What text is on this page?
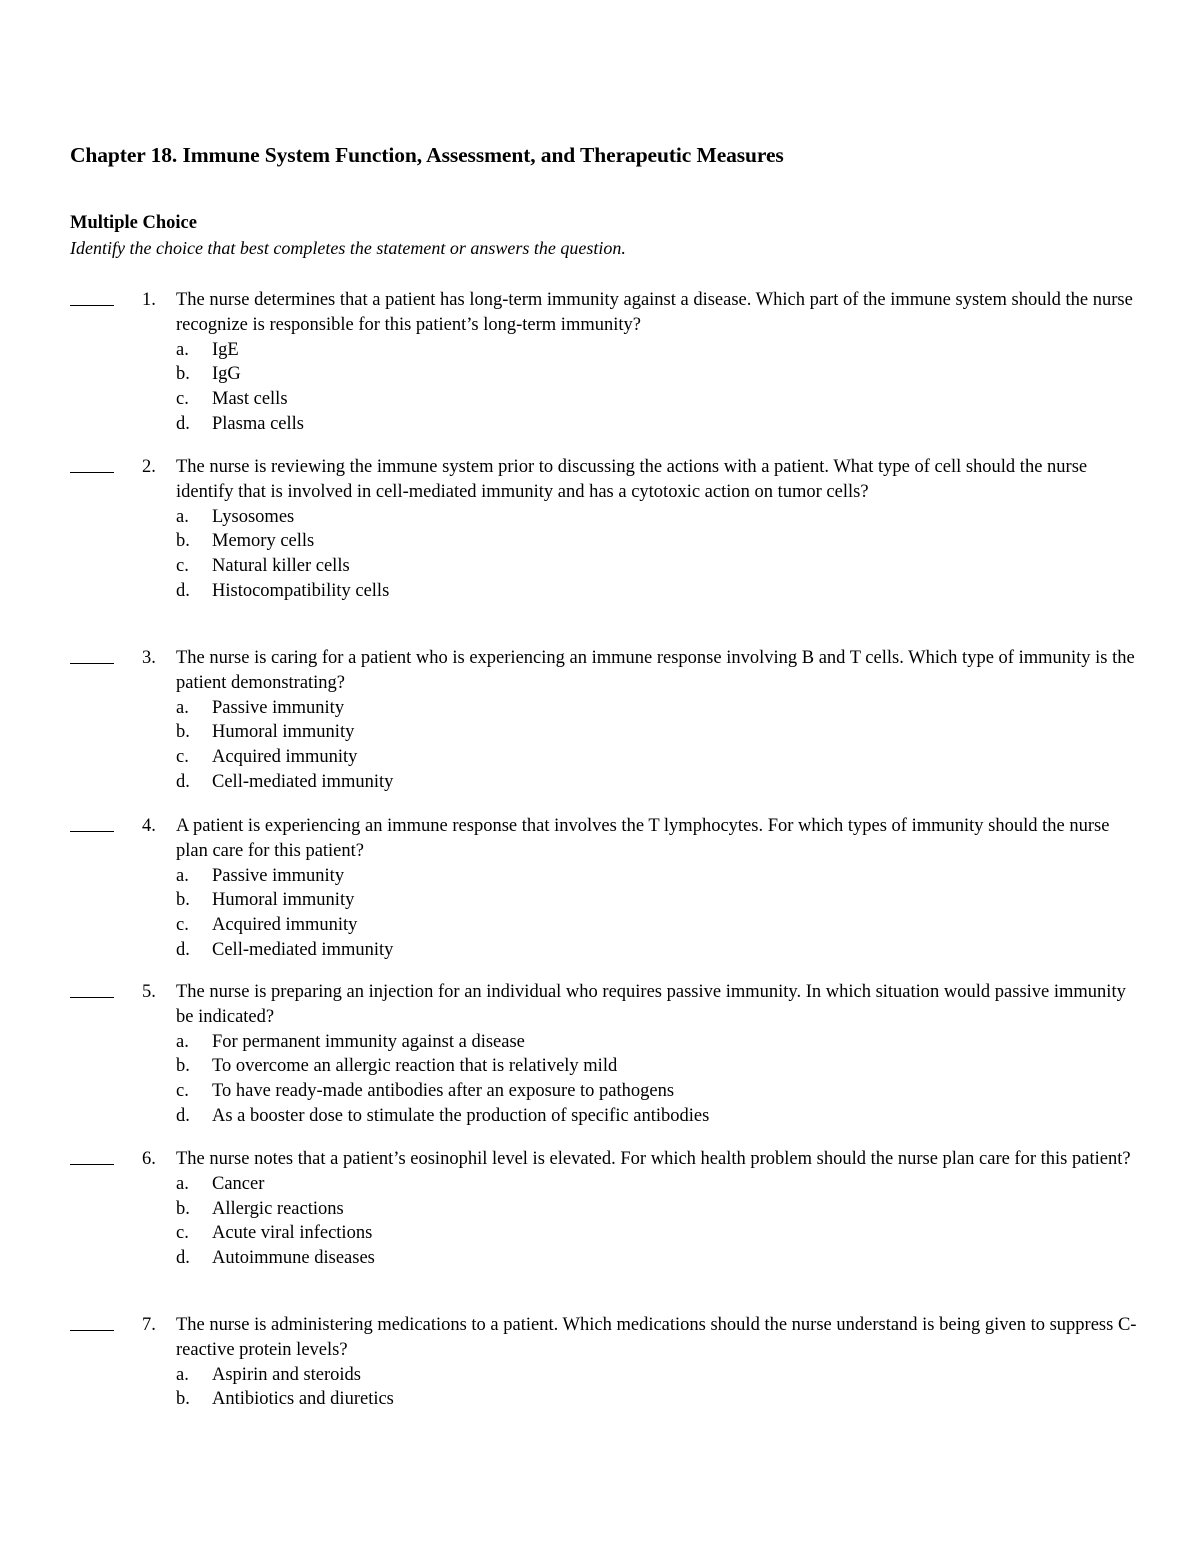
Chapter 18. Immune System Function, Assessment, and Therapeutic Measures
Multiple Choice
Identify the choice that best completes the statement or answers the question.
1. The nurse determines that a patient has long-term immunity against a disease. Which part of the immune system should the nurse recognize is responsible for this patient’s long-term immunity?
a. IgE
b. IgG
c. Mast cells
d. Plasma cells
2. The nurse is reviewing the immune system prior to discussing the actions with a patient. What type of cell should the nurse identify that is involved in cell-mediated immunity and has a cytotoxic action on tumor cells?
a. Lysosomes
b. Memory cells
c. Natural killer cells
d. Histocompatibility cells
3. The nurse is caring for a patient who is experiencing an immune response involving B and T cells. Which type of immunity is the patient demonstrating?
a. Passive immunity
b. Humoral immunity
c. Acquired immunity
d. Cell-mediated immunity
4. A patient is experiencing an immune response that involves the T lymphocytes. For which types of immunity should the nurse plan care for this patient?
a. Passive immunity
b. Humoral immunity
c. Acquired immunity
d. Cell-mediated immunity
5. The nurse is preparing an injection for an individual who requires passive immunity. In which situation would passive immunity be indicated?
a. For permanent immunity against a disease
b. To overcome an allergic reaction that is relatively mild
c. To have ready-made antibodies after an exposure to pathogens
d. As a booster dose to stimulate the production of specific antibodies
6. The nurse notes that a patient’s eosinophil level is elevated. For which health problem should the nurse plan care for this patient?
a. Cancer
b. Allergic reactions
c. Acute viral infections
d. Autoimmune diseases
7. The nurse is administering medications to a patient. Which medications should the nurse understand is being given to suppress C-reactive protein levels?
a. Aspirin and steroids
b. Antibiotics and diuretics
